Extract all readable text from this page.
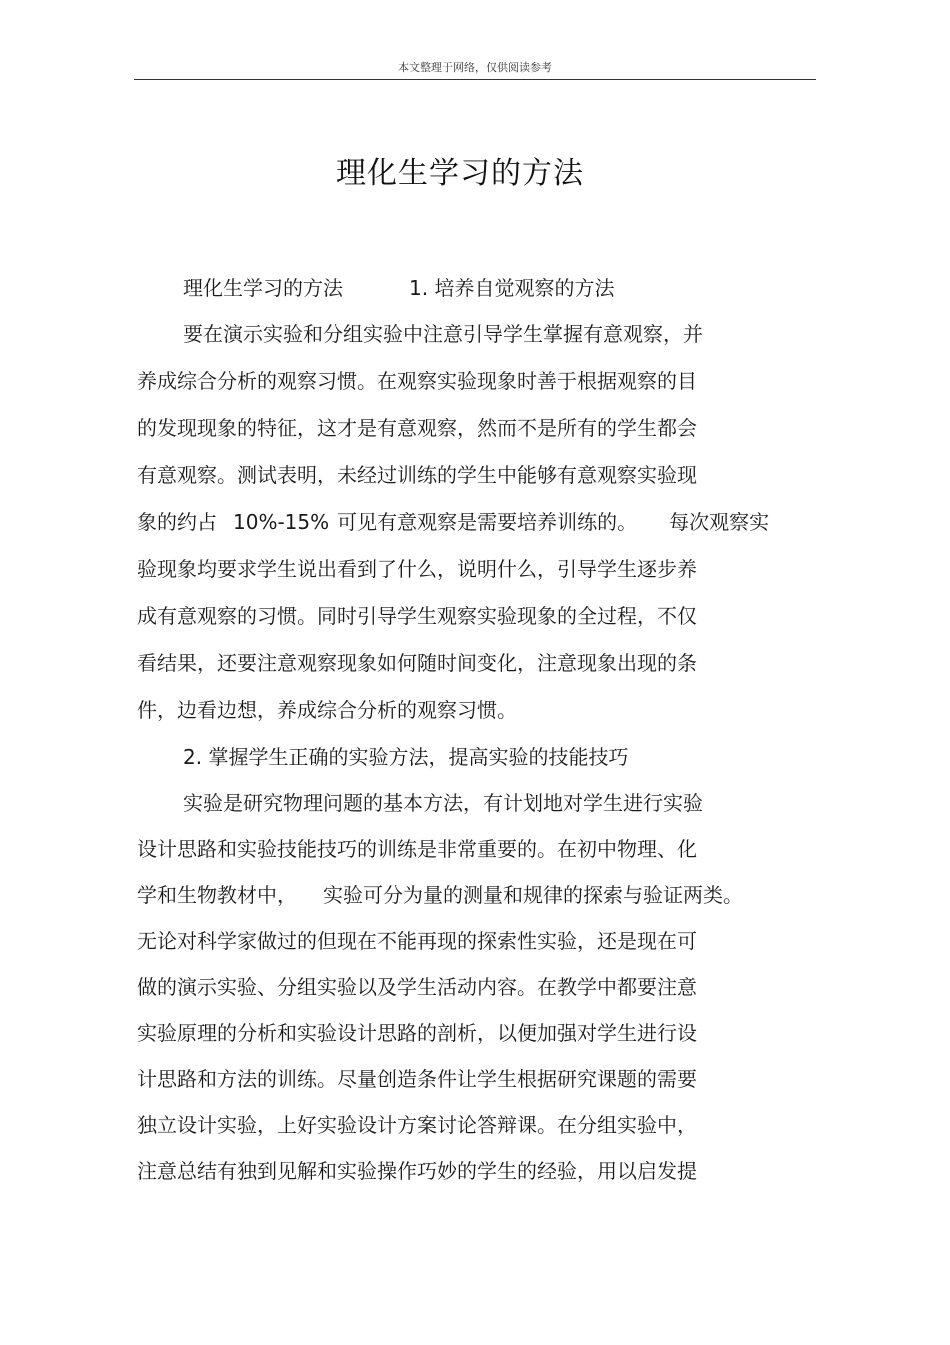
本文整理于网络，仅供阅读参考
理化生学习的方法
理化生学习的方法	1. 培养自觉观察的方法
要在演示实验和分组实验中注意引导学生掌握有意观察，并
养成综合分析的观察习惯。在观察实验现象时善于根据观察的目
的发现现象的特征，这才是有意观察，然而不是所有的学生都会
有意观察。测试表明，未经过训练的学生中能够有意观察实验现
象的约占 10%-15% 可见有意观察是需要培养训练的。 每次观察实
验现象均要求学生说出看到了什么，说明什么，引导学生逐步养
成有意观察的习惯。同时引导学生观察实验现象的全过程，不仅
看结果，还要注意观察现象如何随时间变化，注意现象出现的条
件，边看边想，养成综合分析的观察习惯。
2. 掌握学生正确的实验方法，提高实验的技能技巧
实验是研究物理问题的基本方法，有计划地对学生进行实验
设计思路和实验技能技巧的训练是非常重要的。在初中物理、化
学和生物教材中， 实验可分为量的测量和规律的探索与验证两类。
无论对科学家做过的但现在不能再现的探索性实验，还是现在可
做的演示实验、分组实验以及学生活动内容。在教学中都要注意
实验原理的分析和实验设计思路的剖析，以便加强对学生进行设
计思路和方法的训练。尽量创造条件让学生根据研究课题的需要
独立设计实验，上好实验设计方案讨论答辩课。在分组实验中，
注意总结有独到见解和实验操作巧妙的学生的经验，用以启发提
